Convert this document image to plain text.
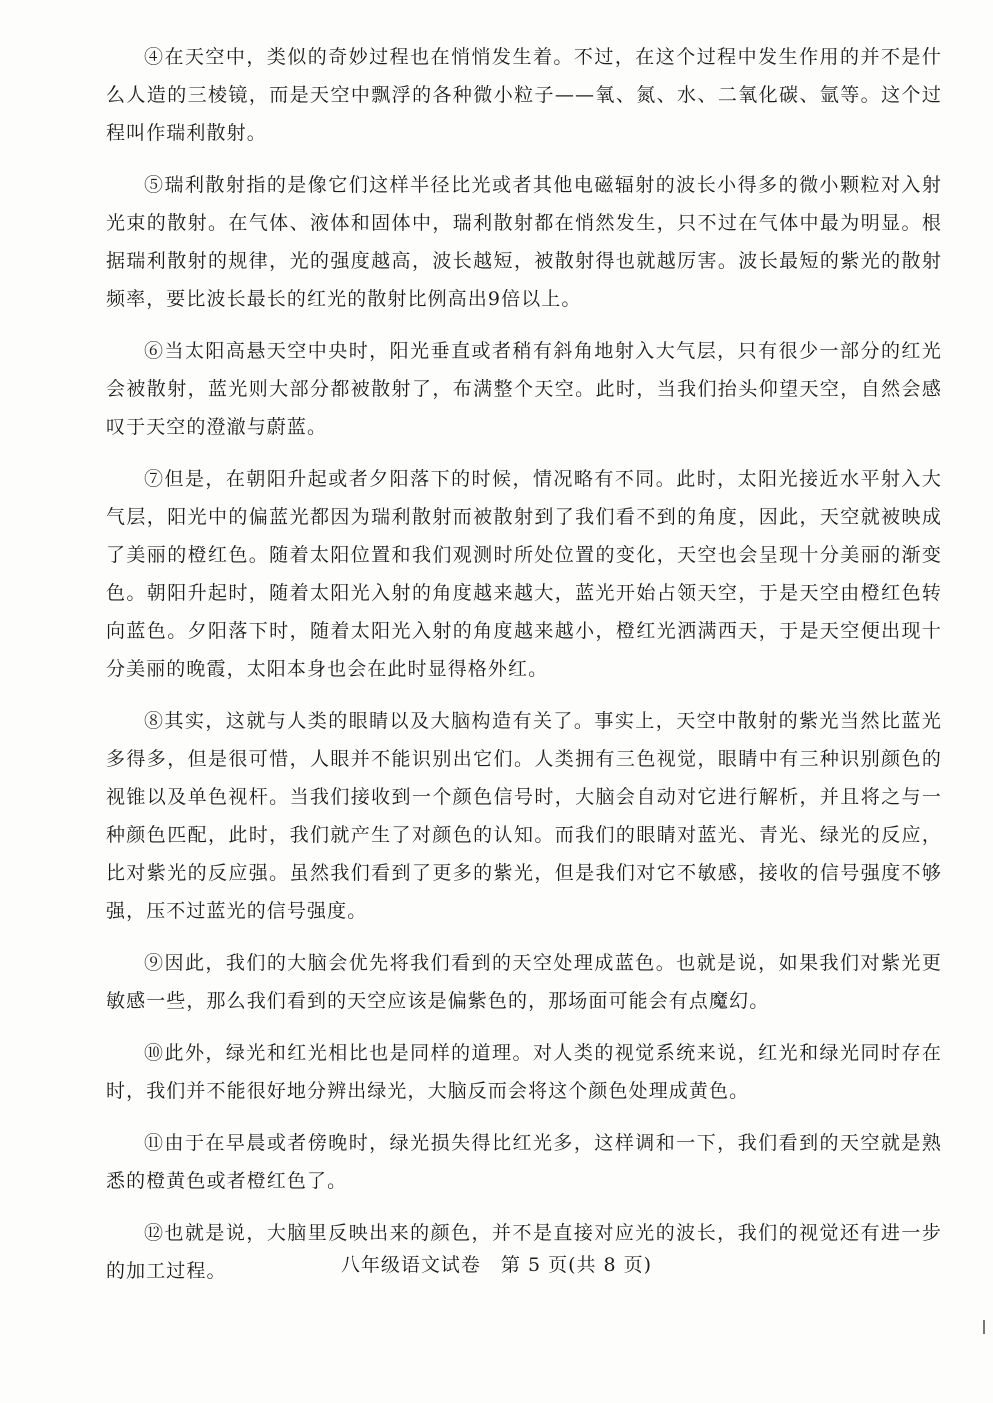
④在天空中，类似的奇妙过程也在悄悄发生着。不过，在这个过程中发生作用的并不是什么人造的三棱镜，而是天空中飘浮的各种微小粒子——氧、氮、水、二氧化碳、氩等。这个过程叫作瑞利散射。

⑤瑞利散射指的是像它们这样半径比光或者其他电磁辐射的波长小得多的微小颗粒对入射光束的散射。在气体、液体和固体中，瑞利散射都在悄然发生，只不过在气体中最为明显。根据瑞利散射的规律，光的强度越高，波长越短，被散射得也就越厉害。波长最短的紫光的散射频率，要比波长最长的红光的散射比例高出9倍以上。

⑥当太阳高悬天空中央时，阳光垂直或者稍有斜角地射入大气层，只有很少一部分的红光会被散射，蓝光则大部分都被散射了，布满整个天空。此时，当我们抬头仰望天空，自然会感叹于天空的澄澈与蔚蓝。

⑦但是，在朝阳升起或者夕阳落下的时候，情况略有不同。此时，太阳光接近水平射入大气层，阳光中的偏蓝光都因为瑞利散射而被散射到了我们看不到的角度，因此，天空就被映成了美丽的橙红色。随着太阳位置和我们观测时所处位置的变化，天空也会呈现十分美丽的渐变色。朝阳升起时，随着太阳光入射的角度越来越大，蓝光开始占领天空，于是天空由橙红色转向蓝色。夕阳落下时，随着太阳光入射的角度越来越小，橙红光洒满西天，于是天空便出现十分美丽的晚霞，太阳本身也会在此时显得格外红。

⑧其实，这就与人类的眼睛以及大脑构造有关了。事实上，天空中散射的紫光当然比蓝光多得多，但是很可惜，人眼并不能识别出它们。人类拥有三色视觉，眼睛中有三种识别颜色的视锥以及单色视杆。当我们接收到一个颜色信号时，大脑会自动对它进行解析，并且将之与一种颜色匹配，此时，我们就产生了对颜色的认知。而我们的眼睛对蓝光、青光、绿光的反应，比对紫光的反应强。虽然我们看到了更多的紫光，但是我们对它不敏感，接收的信号强度不够强，压不过蓝光的信号强度。

⑨因此，我们的大脑会优先将我们看到的天空处理成蓝色。也就是说，如果我们对紫光更敏感一些，那么我们看到的天空应该是偏紫色的，那场面可能会有点魔幻。

⑩此外，绿光和红光相比也是同样的道理。对人类的视觉系统来说，红光和绿光同时存在时，我们并不能很好地分辨出绿光，大脑反而会将这个颜色处理成黄色。

⑪由于在早晨或者傍晚时，绿光损失得比红光多，这样调和一下，我们看到的天空就是熟悉的橙黄色或者橙红色了。

⑫也就是说，大脑里反映出来的颜色，并不是直接对应光的波长，我们的视觉还有进一步的加工过程。	八年级语文试卷　第 5 页(共 8 页)
